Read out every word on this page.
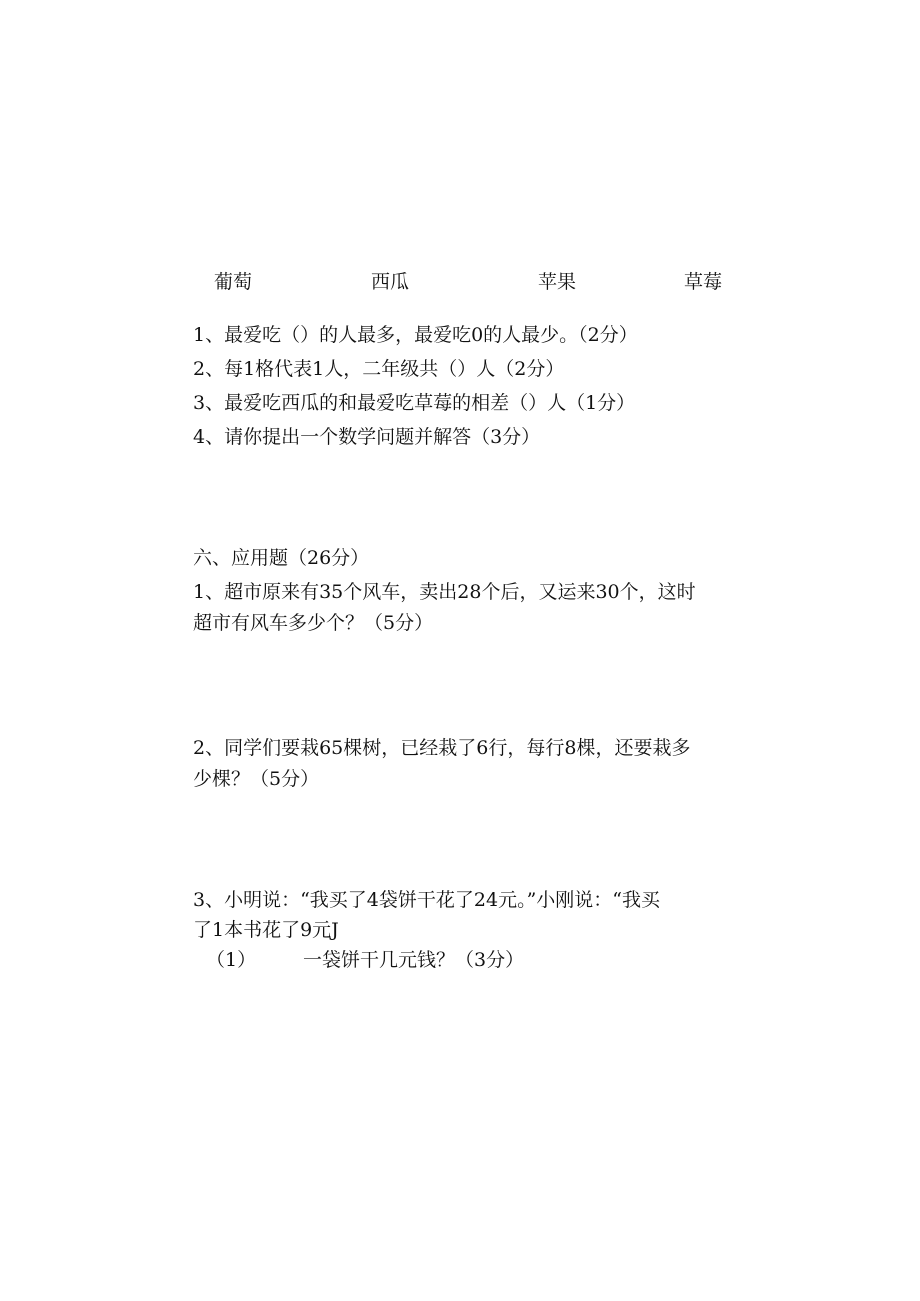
葡萄	西瓜	苹果	草莓
1、最爱吃（）的人最多，最爱吃0的人最少。（2分）
2、每1格代表1人，二年级共（）人（2分）
3、最爱吃西瓜的和最爱吃草莓的相差（）人（1分）
4、请你提出一个数学问题并解答（3分）
六、应用题（26分）
1、超市原来有35个风车，卖出28个后，又运来30个，这时
超市有风车多少个？（5分）
2、同学们要栽65棵树，已经栽了6行，每行8棵，还要栽多
少棵？（5分）
3、小明说：“我买了4袋饼干花了24元。”小刚说：“我买
了1本书花了9元J
（1） 一袋饼干几元钱？（3分）
